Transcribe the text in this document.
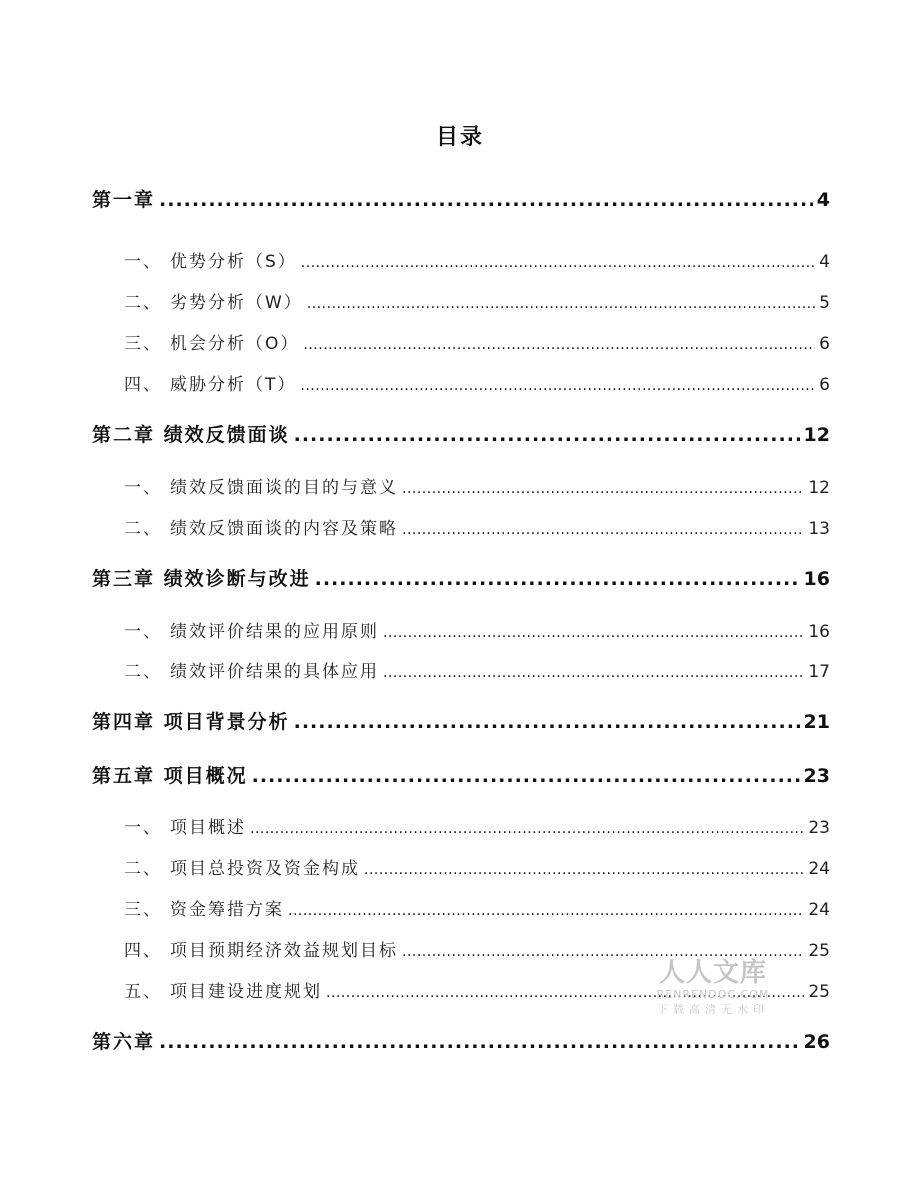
目录
第一章 .....	4
一、 优势分析（S） .....	4
二、 劣势分析（W） .....	5
三、 机会分析（O） .....	6
四、 威胁分析（T） .....	6
第二章 绩效反馈面谈 .....	12
一、 绩效反馈面谈的目的与意义 .....	12
二、 绩效反馈面谈的内容及策略 .....	13
第三章 绩效诊断与改进 .....	16
一、 绩效评价结果的应用原则 .....	16
二、 绩效评价结果的具体应用 .....	17
第四章 项目背景分析 .....	21
第五章 项目概况 .....	23
一、 项目概述 .....	23
二、 项目总投资及资金构成 .....	24
三、 资金筹措方案 .....	24
四、 项目预期经济效益规划目标 .....	25
五、 项目建设进度规划 .....	25
第六章 .....	26
人人文库
RENRENDOC.COM
下载高清无水印
